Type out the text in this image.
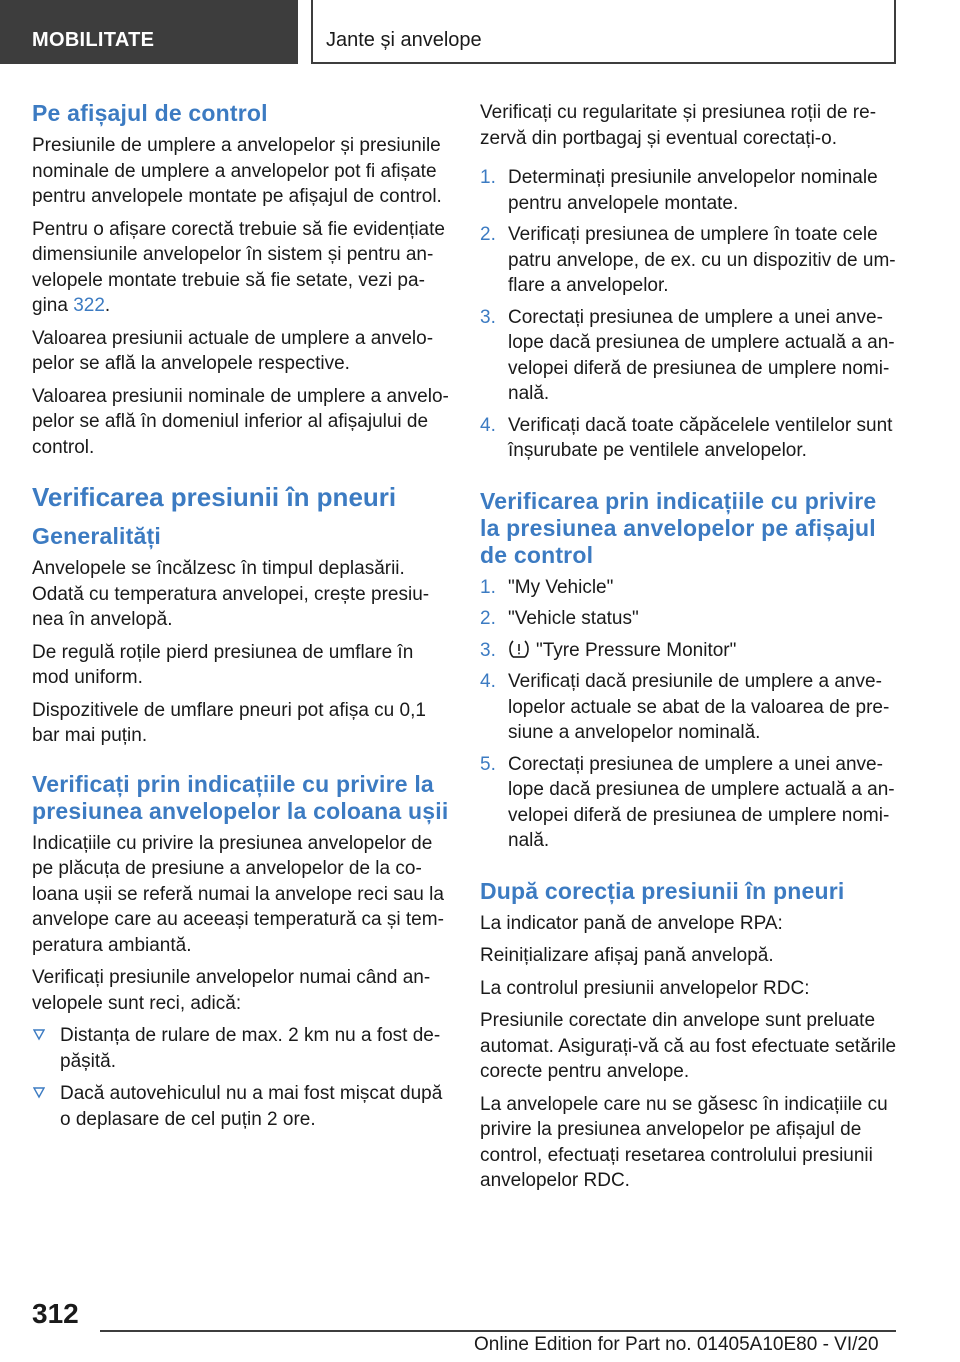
MOBILITATE	Jante și anvelope
Pe afișajul de control

Presiunile de umplere a anvelopelor și presiunile nominale de umplere a anvelopelor pot fi afișate pentru anvelopele montate pe afișajul de control.

Pentru o afișare corectă trebuie să fie evidențiate dimensiunile anvelopelor în sistem și pentru anvelopele montate trebuie să fie setate, vezi pagina 322.

Valoarea presiunii actuale de umplere a anvelopelor se află la anvelopele respective.

Valoarea presiunii nominale de umplere a anvelopelor se află în domeniul inferior al afișajului de control.

Verificarea presiunii în pneuri
Generalități

Anvelopele se încălzesc în timpul deplasării. Odată cu temperatura anvelopei, crește presiunea în anvelopă.

De regulă roțile pierd presiunea de umflare în mod uniform.

Dispozitivele de umflare pneuri pot afișa cu 0,1 bar mai puțin.

Verificați prin indicațiile cu privire la presiunea anvelopelor la coloana ușii

Indicațiile cu privire la presiunea anvelopelor de pe plăcuța de presiune a anvelopelor de la coloana ușii se referă numai la anvelope reci sau la anvelope care au aceeași temperatură ca și temperatura ambiantă.

Verificați presiunile anvelopelor numai când anvelopele sunt reci, adică:

Distanța de rulare de max. 2 km nu a fost depășită.
Dacă autovehiculul nu a mai fost mișcat după o deplasare de cel puțin 2 ore.

Verificați cu regularitate și presiunea roții de rezervă din portbagaj și eventual corectați-o.

1. Determinați presiunile anvelopelor nominale pentru anvelopele montate.
2. Verificați presiunea de umplere în toate cele patru anvelope, de ex. cu un dispozitiv de umflare a anvelopelor.
3. Corectați presiunea de umplere a unei anvelope dacă presiunea de umplere actuală a anvelopei diferă de presiunea de umplere nominală.
4. Verificați dacă toate căpăcelele ventilelor sunt înșurubate pe ventilele anvelopelor.
Verificarea prin indicațiile cu privire la presiunea anvelopelor pe afișajul de control
1. "My Vehicle"
2. "Vehicle status"
3. "Tyre Pressure Monitor"
4. Verificați dacă presiunile de umplere a anvelopelor actuale se abat de la valoarea de presiune a anvelopelor nominală.
5. Corectați presiunea de umplere a unei anvelope dacă presiunea de umplere actuală a anvelopei diferă de presiunea de umplere nominală.
După corecția presiunii în pneuri

La indicator pană de anvelope RPA:

Reinițializare afișaj pană anvelopă.

La controlul presiunii anvelopelor RDC:

Presiunile corectate din anvelope sunt preluate automat. Asigurați-vă că au fost efectuate setările corecte pentru anvelope.

La anvelopele care nu se găsesc în indicațiile cu privire la presiunea anvelopelor pe afișajul de control, efectuați resetarea controlului presiunii anvelopelor RDC.

312
Online Edition for Part no. 01405A10E80 - VI/20
